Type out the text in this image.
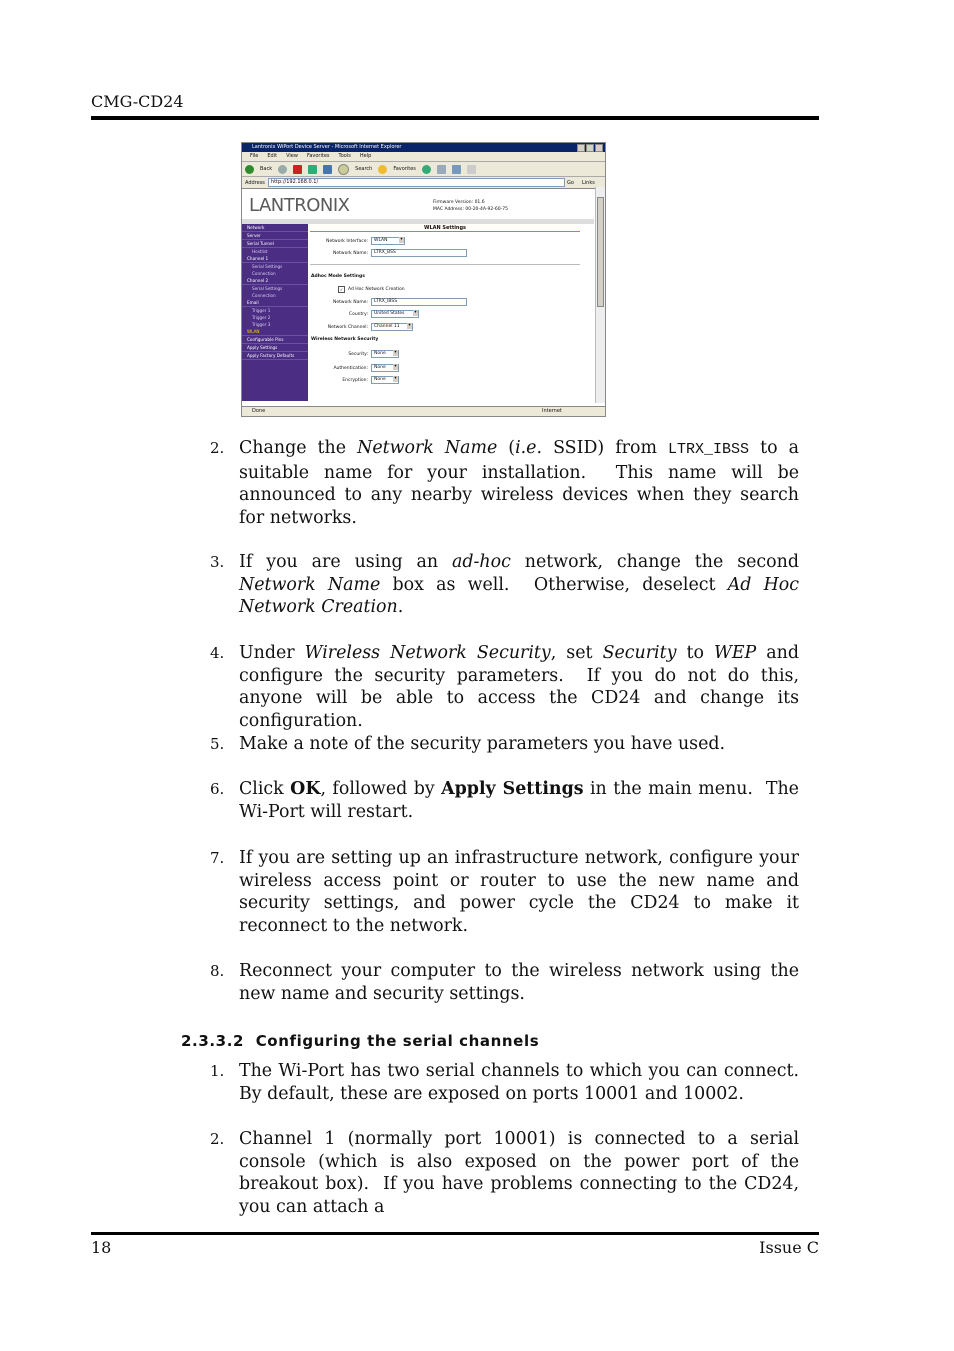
CMG-CD24
Lantronix WiPort Device Server - Microsoft Internet Explorer
File Edit View Favorites Tools Help
Back	Search	Favorites
Address	http://192.168.0.1/	Go Links
LANTRONIX	Firmware Version: 01.6
MAC Address: 00-20-4A-92-60-75
Network
Server
Serial Tunnel
Hostlist
Channel 1
Serial Settings
Connection
Channel 2
Serial Settings
Connection
Email
Trigger 1
Trigger 2
Trigger 3
WLAN
Configurable Pins
Apply Settings
Apply Factory Defaults
WLAN Settings
Network Interface:	WLAN ▾
Network Name:	LTRX_BSS
Adhoc Mode Settings
✓	Ad Hoc Network Creation
Network Name:	LTRX_IBSS
Country:	United States ▾
Network Channel:	Channel 11 ▾
Wireless Network Security
Security:	None ▾
Authentication:	None ▾
Encryption:	None ▾
Done	Internet
2. Change the Network Name (i.e. SSID) from LTRX_IBSS to a suitable name for your installation.  This name will be announced to any nearby wireless devices when they search for networks.
3. If you are using an ad-hoc network, change the second Network Name box as well.  Otherwise, deselect Ad Hoc Network Creation.
4. Under Wireless Network Security, set Security to WEP and configure the security parameters.  If you do not do this, anyone will be able to access the CD24 and change its configuration.
5. Make a note of the security parameters you have used.
6. Click OK, followed by Apply Settings in the main menu.  The Wi-Port will restart.
7. If you are setting up an infrastructure network, configure your wireless access point or router to use the new name and security settings, and power cycle the CD24 to make it reconnect to the network.
8. Reconnect your computer to the wireless network using the new name and security settings.
2.3.3.2 Configuring the serial channels
1. The Wi-Port has two serial channels to which you can connect.  By default, these are exposed on ports 10001 and 10002.
2. Channel 1 (normally port 10001) is connected to a serial console (which is also exposed on the power port of the breakout box).  If you have problems connecting to the CD24, you can attach a
18	Issue C
